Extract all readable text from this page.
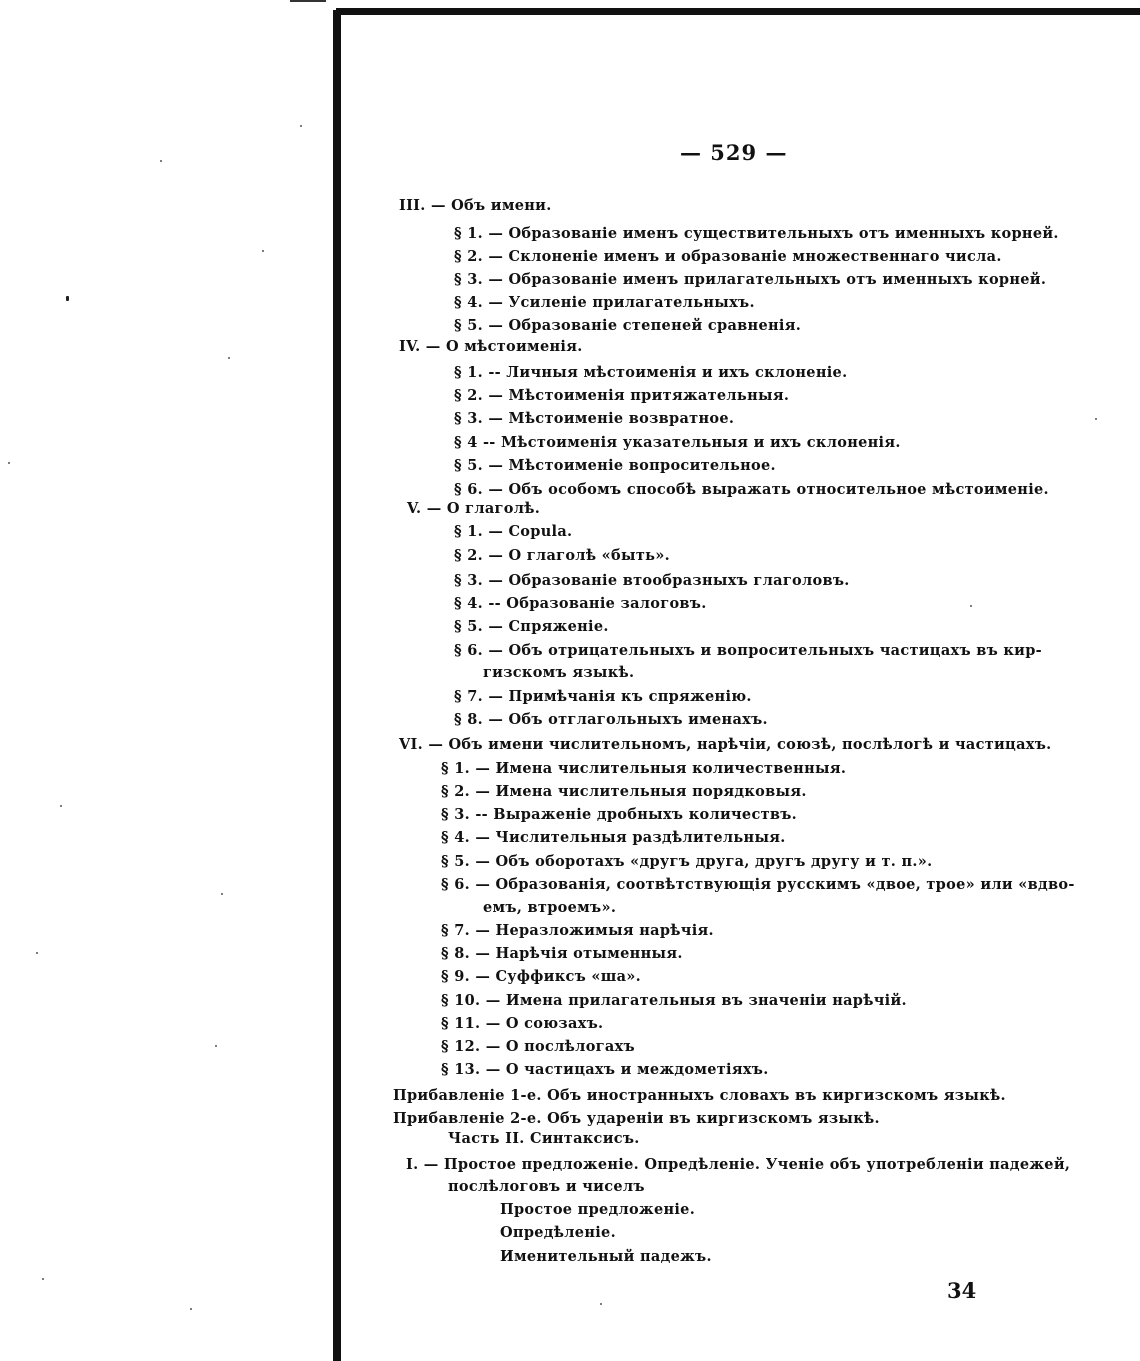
— 529 —
III. — Объ имени.
§ 1. — Образованіе именъ существительныхъ отъ именныхъ корней.
§ 2. — Склоненіе именъ и образованіе множественнаго числа.
§ 3. — Образованіе именъ прилагательныхъ отъ именныхъ корней.
§ 4. — Усиленіе прилагательныхъ.
§ 5. — Образованіе степеней сравненія.
IV. — О мѣстоименія.
§ 1. -- Личныя мѣстоименія и ихъ склоненіе.
§ 2. — Мѣстоименія притяжательныя.
§ 3. — Мѣстоименіе возвратное.
§ 4 -- Мѣстоименія указательныя и ихъ склоненія.
§ 5. — Мѣстоименіе вопросительное.
§ 6. — Объ особомъ способѣ выражать относительное мѣстоименіе.
V. — О глаголѣ.
§ 1. — Copula.
§ 2. — О глаголѣ «быть».
§ 3. — Образованіе втообразныхъ глаголовъ.
§ 4. -- Образованіе залоговъ.
§ 5. — Спряженіе.
§ 6. — Объ отрицательныхъ и вопросительныхъ частицахъ въ кир-
гизскомъ языкѣ.
§ 7. — Примѣчанія къ спряженію.
§ 8. — Объ отглагольныхъ именахъ.
VI. — Объ имени числительномъ, нарѣчіи, союзѣ, послѣлогѣ и частицахъ.
§ 1. — Имена числительныя количественныя.
§ 2. — Имена числительныя порядковыя.
§ 3. -- Выраженіе дробныхъ количествъ.
§ 4. — Числительныя раздѣлительныя.
§ 5. — Объ оборотахъ «другъ друга, другъ другу и т. п.».
§ 6. — Образованія, соотвѣтствующія русскимъ «двое, трое» или «вдво-
емъ, втроемъ».
§ 7. — Неразложимыя нарѣчія.
§ 8. — Нарѣчія отыменныя.
§ 9. — Суффиксъ «ша».
§ 10. — Имена прилагательныя въ значеніи нарѣчій.
§ 11. — О союзахъ.
§ 12. — О послѣлогахъ
§ 13. — О частицахъ и междометіяхъ.
Прибавленіе 1-е. Объ иностранныхъ словахъ въ киргизскомъ языкѣ.
Прибавленіе 2-е. Объ удареніи въ киргизскомъ языкѣ.
Часть II. Синтаксисъ.
I. — Простое предложеніе. Опредѣленіе. Ученіе объ употребленіи падежей,
послѣлоговъ и чиселъ
Простое предложеніе.
Опредѣленіе.
Именительный падежъ.
34
